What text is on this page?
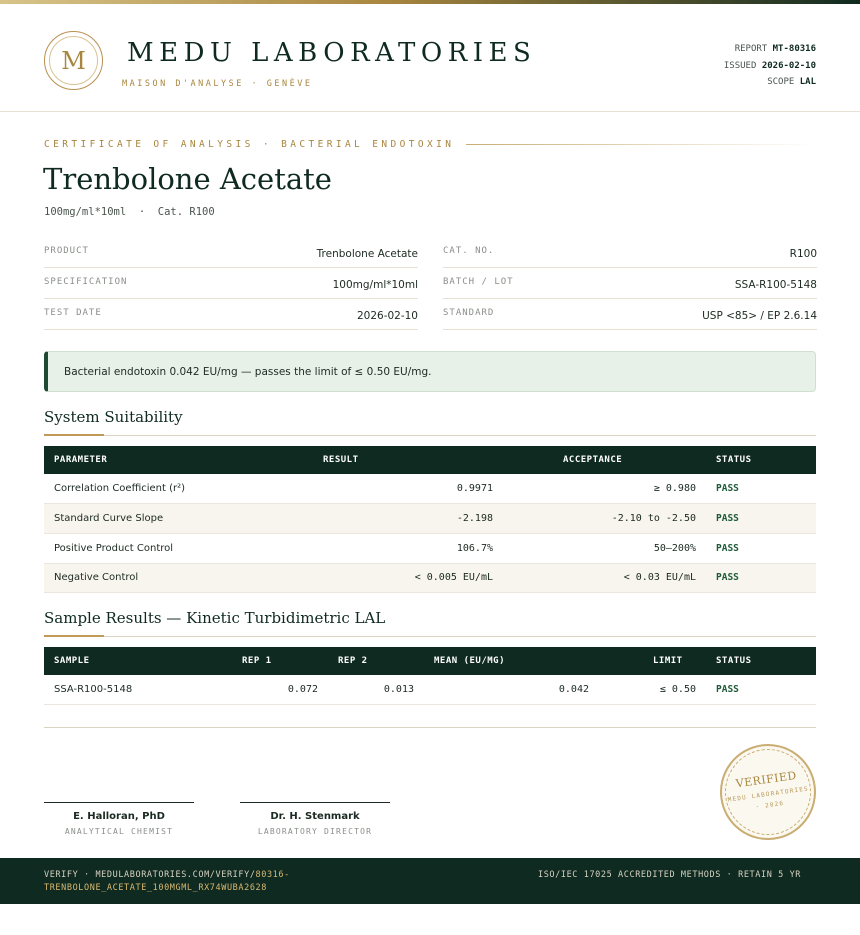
M	MEDU LABORATORIES
MAISON D'ANALYSE · GENÈVE
REPORT MT-80316
ISSUED 2026-02-10
SCOPE LAL
CERTIFICATE OF ANALYSIS · BACTERIAL ENDOTOXIN
Trenbolone Acetate
100mg/ml*10ml  ·  Cat. R100
PRODUCT	Trenbolone Acetate
SPECIFICATION	100mg/ml*10ml
TEST DATE	2026-02-10
CAT. NO.	R100
BATCH / LOT	SSA-R100-5148
STANDARD	USP <85> / EP 2.6.14
Bacterial endotoxin 0.042 EU/mg — passes the limit of ≤ 0.50 EU/mg.
System Suitability
PARAMETER	RESULT	ACCEPTANCE	STATUS
Correlation Coefficient (r²)	0.9971	≥ 0.980	PASS
Standard Curve Slope	-2.198	-2.10 to -2.50	PASS
Positive Product Control	106.7%	50–200%	PASS
Negative Control	< 0.005 EU/mL	< 0.03 EU/mL	PASS
Sample Results — Kinetic Turbidimetric LAL
SAMPLE	REP 1	REP 2	MEAN (EU/MG)	LIMIT	STATUS
SSA-R100-5148	0.072	0.013	0.042	≤ 0.50	PASS
E. Halloran, PhD
ANALYTICAL CHEMIST
Dr. H. Stenmark
LABORATORY DIRECTOR
VERIFIED
MEDU LABORATORIES · 2026
VERIFY · MEDULABORATORIES.COM/VERIFY/80316-TRENBOLONE_ACETATE_100MGML_RX74WUBA2628
ISO/IEC 17025 ACCREDITED METHODS · RETAIN 5 YR
